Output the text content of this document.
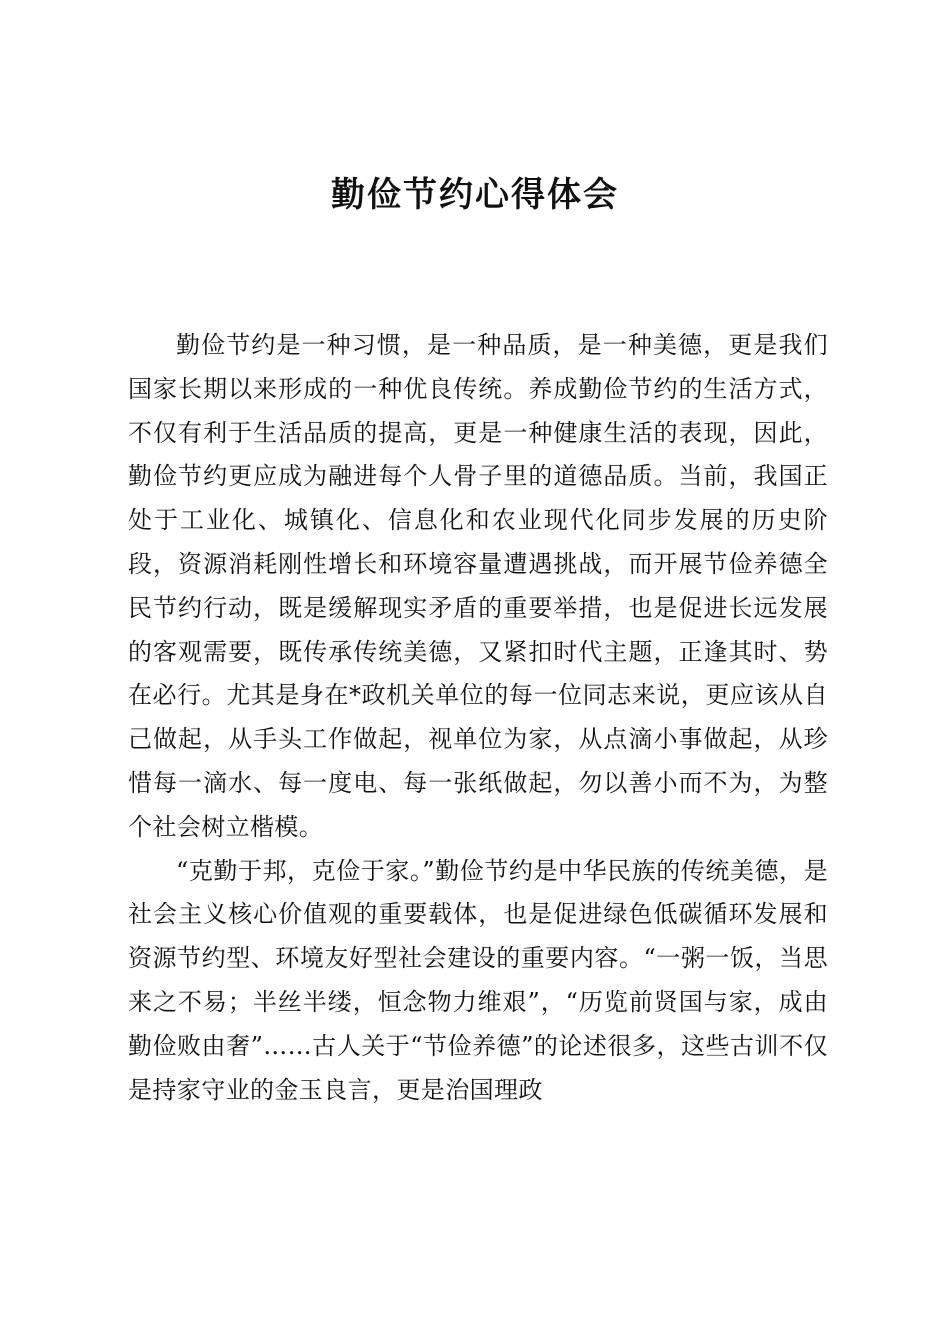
勤俭节约心得体会

勤俭节约是一种习惯，是一种品质，是一种美德，更是我们国家长期以来形成的一种优良传统。养成勤俭节约的生活方式，不仅有利于生活品质的提高，更是一种健康生活的表现，因此，勤俭节约更应成为融进每个人骨子里的道德品质。当前，我国正处于工业化、城镇化、信息化和农业现代化同步发展的历史阶段，资源消耗刚性增长和环境容量遭遇挑战，而开展节俭养德全民节约行动，既是缓解现实矛盾的重要举措，也是促进长远发展的客观需要，既传承传统美德，又紧扣时代主题，正逢其时、势在必行。尤其是身在*政机关单位的每一位同志来说，更应该从自己做起，从手头工作做起，视单位为家，从点滴小事做起，从珍惜每一滴水、每一度电、每一张纸做起，勿以善小而不为，为整个社会树立楷模。

“克勤于邦，克俭于家。”勤俭节约是中华民族的传统美德，是社会主义核心价值观的重要载体，也是促进绿色低碳循环发展和资源节约型、环境友好型社会建设的重要内容。“一粥一饭，当思来之不易；半丝半缕，恒念物力维艰”，“历览前贤国与家，成由勤俭败由奢”……古人关于“节俭养德”的论述很多，这些古训不仅是持家守业的金玉良言，更是治国理政
